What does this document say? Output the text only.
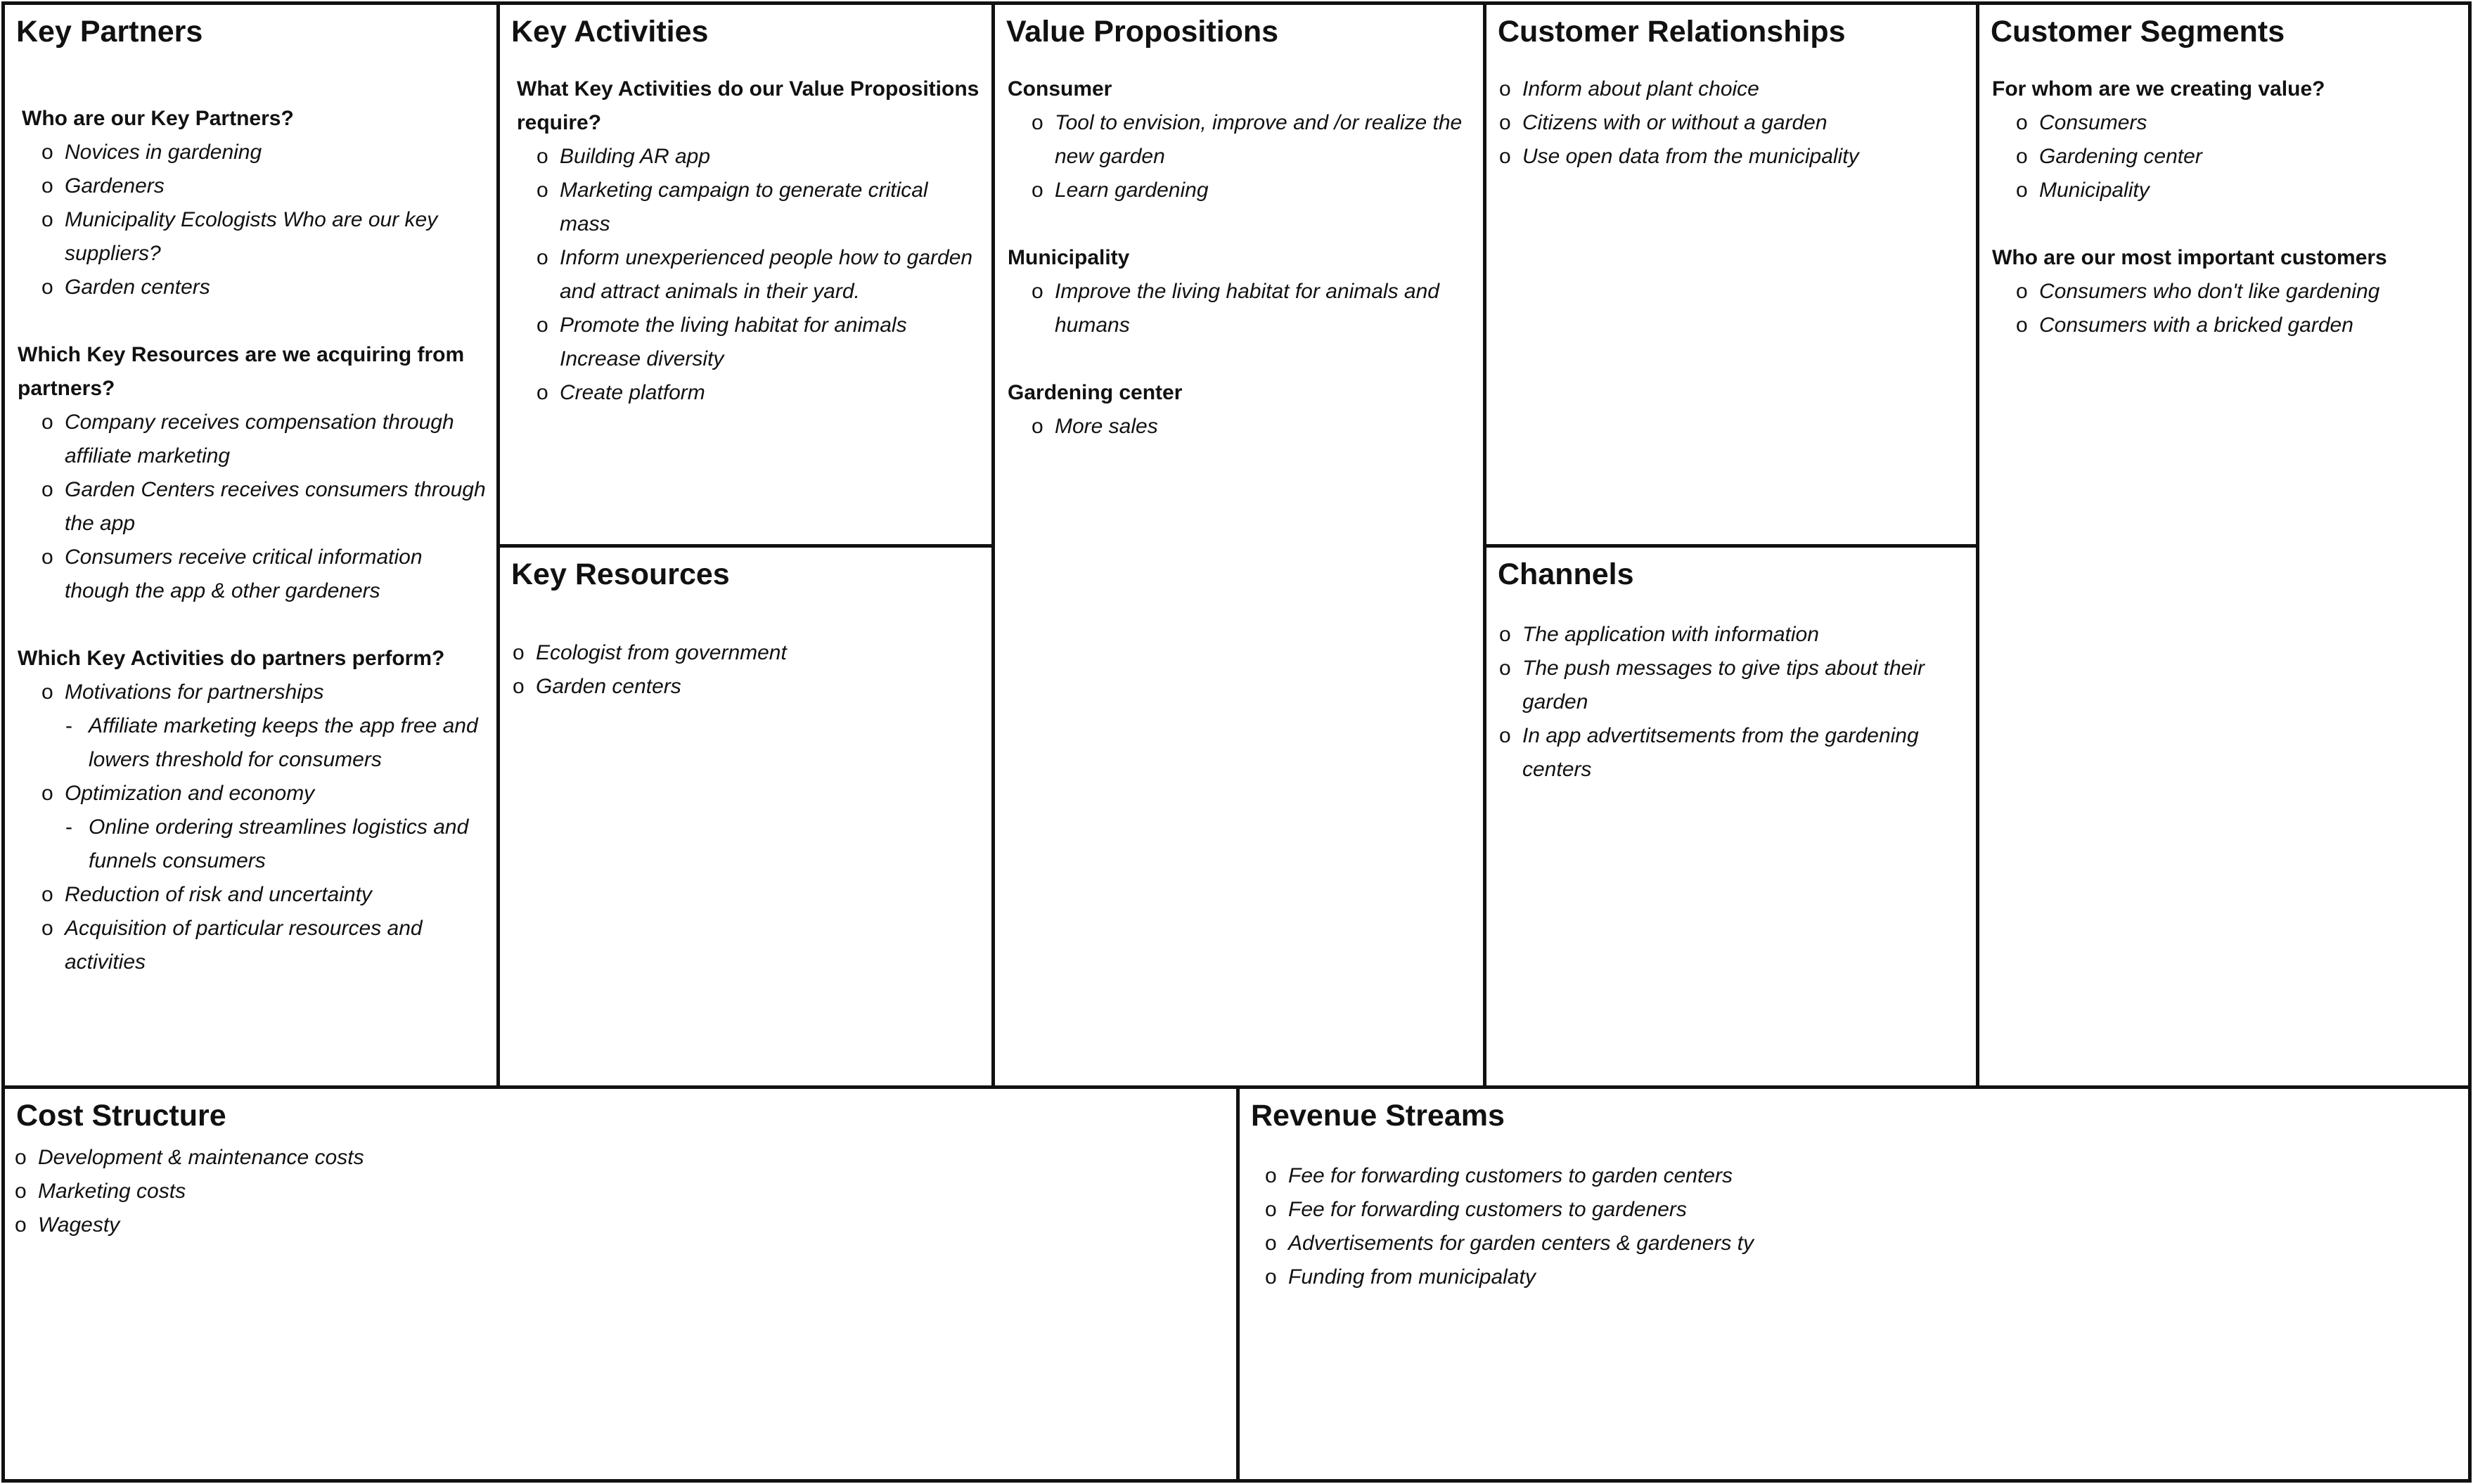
Key Partners
Who are our Key Partners?
o Novices in gardening
o Gardeners
o Municipality Ecologists Who are our key suppliers?
o Garden centers
Which Key Resources are we acquiring from partners?
o Company receives compensation through affiliate marketing
o Garden Centers receives consumers through the app
o Consumers receive critical information though the app & other gardeners
Which Key Activities do partners perform?
o Motivations for partnerships
- Affiliate marketing keeps the app free and lowers threshold for consumers
o Optimization and economy
- Online ordering streamlines logistics and funnels consumers
o Reduction of risk and uncertainty
o Acquisition of particular resources and activities
Key Activities
What Key Activities do our Value Propositions require?
o Building AR app
o Marketing campaign to generate critical mass
o Inform unexperienced people how to garden and attract animals in their yard.
o Promote the living habitat for animals Increase diversity
o Create platform
Key Resources
o Ecologist from government
o Garden centers
Value Propositions
Consumer
o Tool to envision, improve and /or realize the new garden
o Learn gardening
Municipality
o Improve the living habitat for animals and humans
Gardening center
o More sales
Customer Relationships
o Inform about plant choice
o Citizens with or without a garden
o Use open data from the municipality
Channels
o The application with information
o The push messages to give tips about their garden
o In app advertitsements from the gardening centers
Customer Segments
For whom are we creating value?
o Consumers
o Gardening center
o Municipality
Who are our most important customers
o Consumers who don't like gardening
o Consumers with a bricked garden
Cost Structure
o Development & maintenance costs
o Marketing costs
o Wagesty
Revenue Streams
o Fee for forwarding customers to garden centers
o Fee for forwarding customers to gardeners
o Advertisements for garden centers & gardeners ty
o Funding from municipalaty
